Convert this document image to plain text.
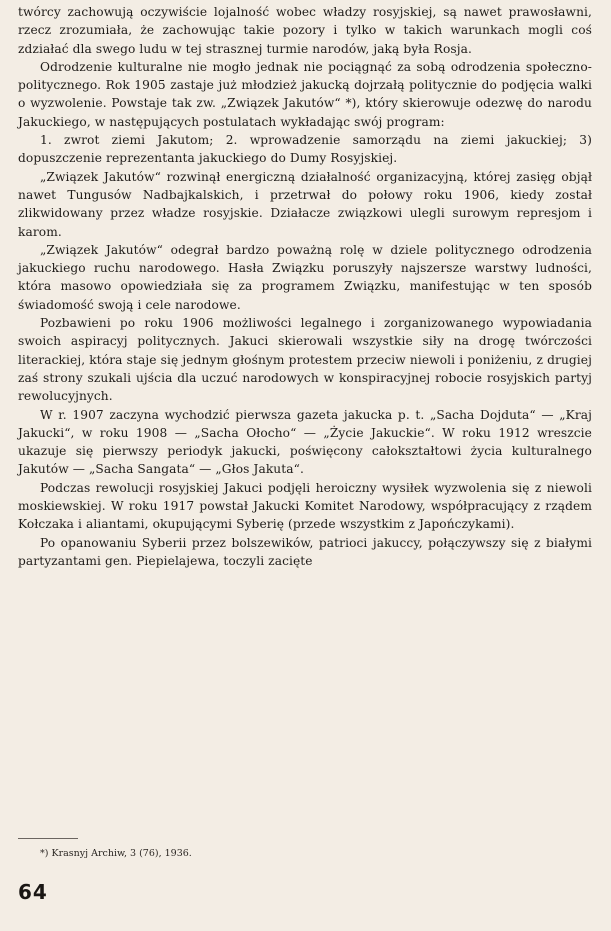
twórcy zachowują oczywiście lojalność wobec władzy rosyjskiej, są nawet prawosławni, rzecz zrozumiała, że zachowując takie pozory i tylko w takich warunkach mogli coś zdziałać dla swego ludu w tej strasznej turmie narodów, jaką była Rosja.

Odrodzenie kulturalne nie mogło jednak nie pociągnąć za sobą odrodzenia społeczno-politycznego. Rok 1905 zastaje już młodzież jakucką dojrzałą politycznie do podjęcia walki o wyzwolenie. Powstaje tak zw. „Związek Jakutów“ *), który skierowuje odezwę do narodu Jakuckiego, w następujących postulatach wykładając swój program:

1. zwrot ziemi Jakutom; 2. wprowadzenie samorządu na ziemi jakuckiej; 3) dopuszczenie reprezentanta jakuckiego do Dumy Rosyjskiej.

„Związek Jakutów“ rozwinął energiczną działalność organizacyjną, której zasięg objął nawet Tungusów Nadbajkalskich, i przetrwał do połowy roku 1906, kiedy został zlikwidowany przez władze rosyjskie. Działacze związkowi ulegli surowym represjom i karom.

„Związek Jakutów“ odegrał bardzo poważną rolę w dziele politycznego odrodzenia jakuckiego ruchu narodowego. Hasła Związku poruszyły najszersze warstwy ludności, która masowo opowiedziała się za programem Związku, manifestując w ten sposób świadomość swoją i cele narodowe.

Pozbawieni po roku 1906 możliwości legalnego i zorganizowanego wypowiadania swoich aspiracyj politycznych. Jakuci skierowali wszystkie siły na drogę twórczości literackiej, która staje się jednym głośnym protestem przeciw niewoli i poniżeniu, z drugiej zaś strony szukali ujścia dla uczuć narodowych w konspiracyjnej robocie rosyjskich partyj rewolucyjnych.

W r. 1907 zaczyna wychodzić pierwsza gazeta jakucka p. t. „Sacha Dojduta“ — „Kraj Jakucki“, w roku 1908 — „Sacha Ołocho“ — „Życie Jakuckie“. W roku 1912 wreszcie ukazuje się pierwszy periodyk jakucki, poświęcony całokształtowi życia kulturalnego Jakutów — „Sacha Sangata“ — „Głos Jakuta“.

Podczas rewolucji rosyjskiej Jakuci podjęli heroiczny wysiłek wyzwolenia się z niewoli moskiewskiej. W roku 1917 powstał Jakucki Komitet Narodowy, współpracujący z rządem Kołczaka i aliantami, okupującymi Syberię (przede wszystkim z Japończykami).

Po opanowaniu Syberii przez bolszewików, patrioci jakuccy, połączywszy się z białymi partyzantami gen. Piepielajewa, toczyli zacięte

*) Krasnyj Archiw, 3 (76), 1936.
64
